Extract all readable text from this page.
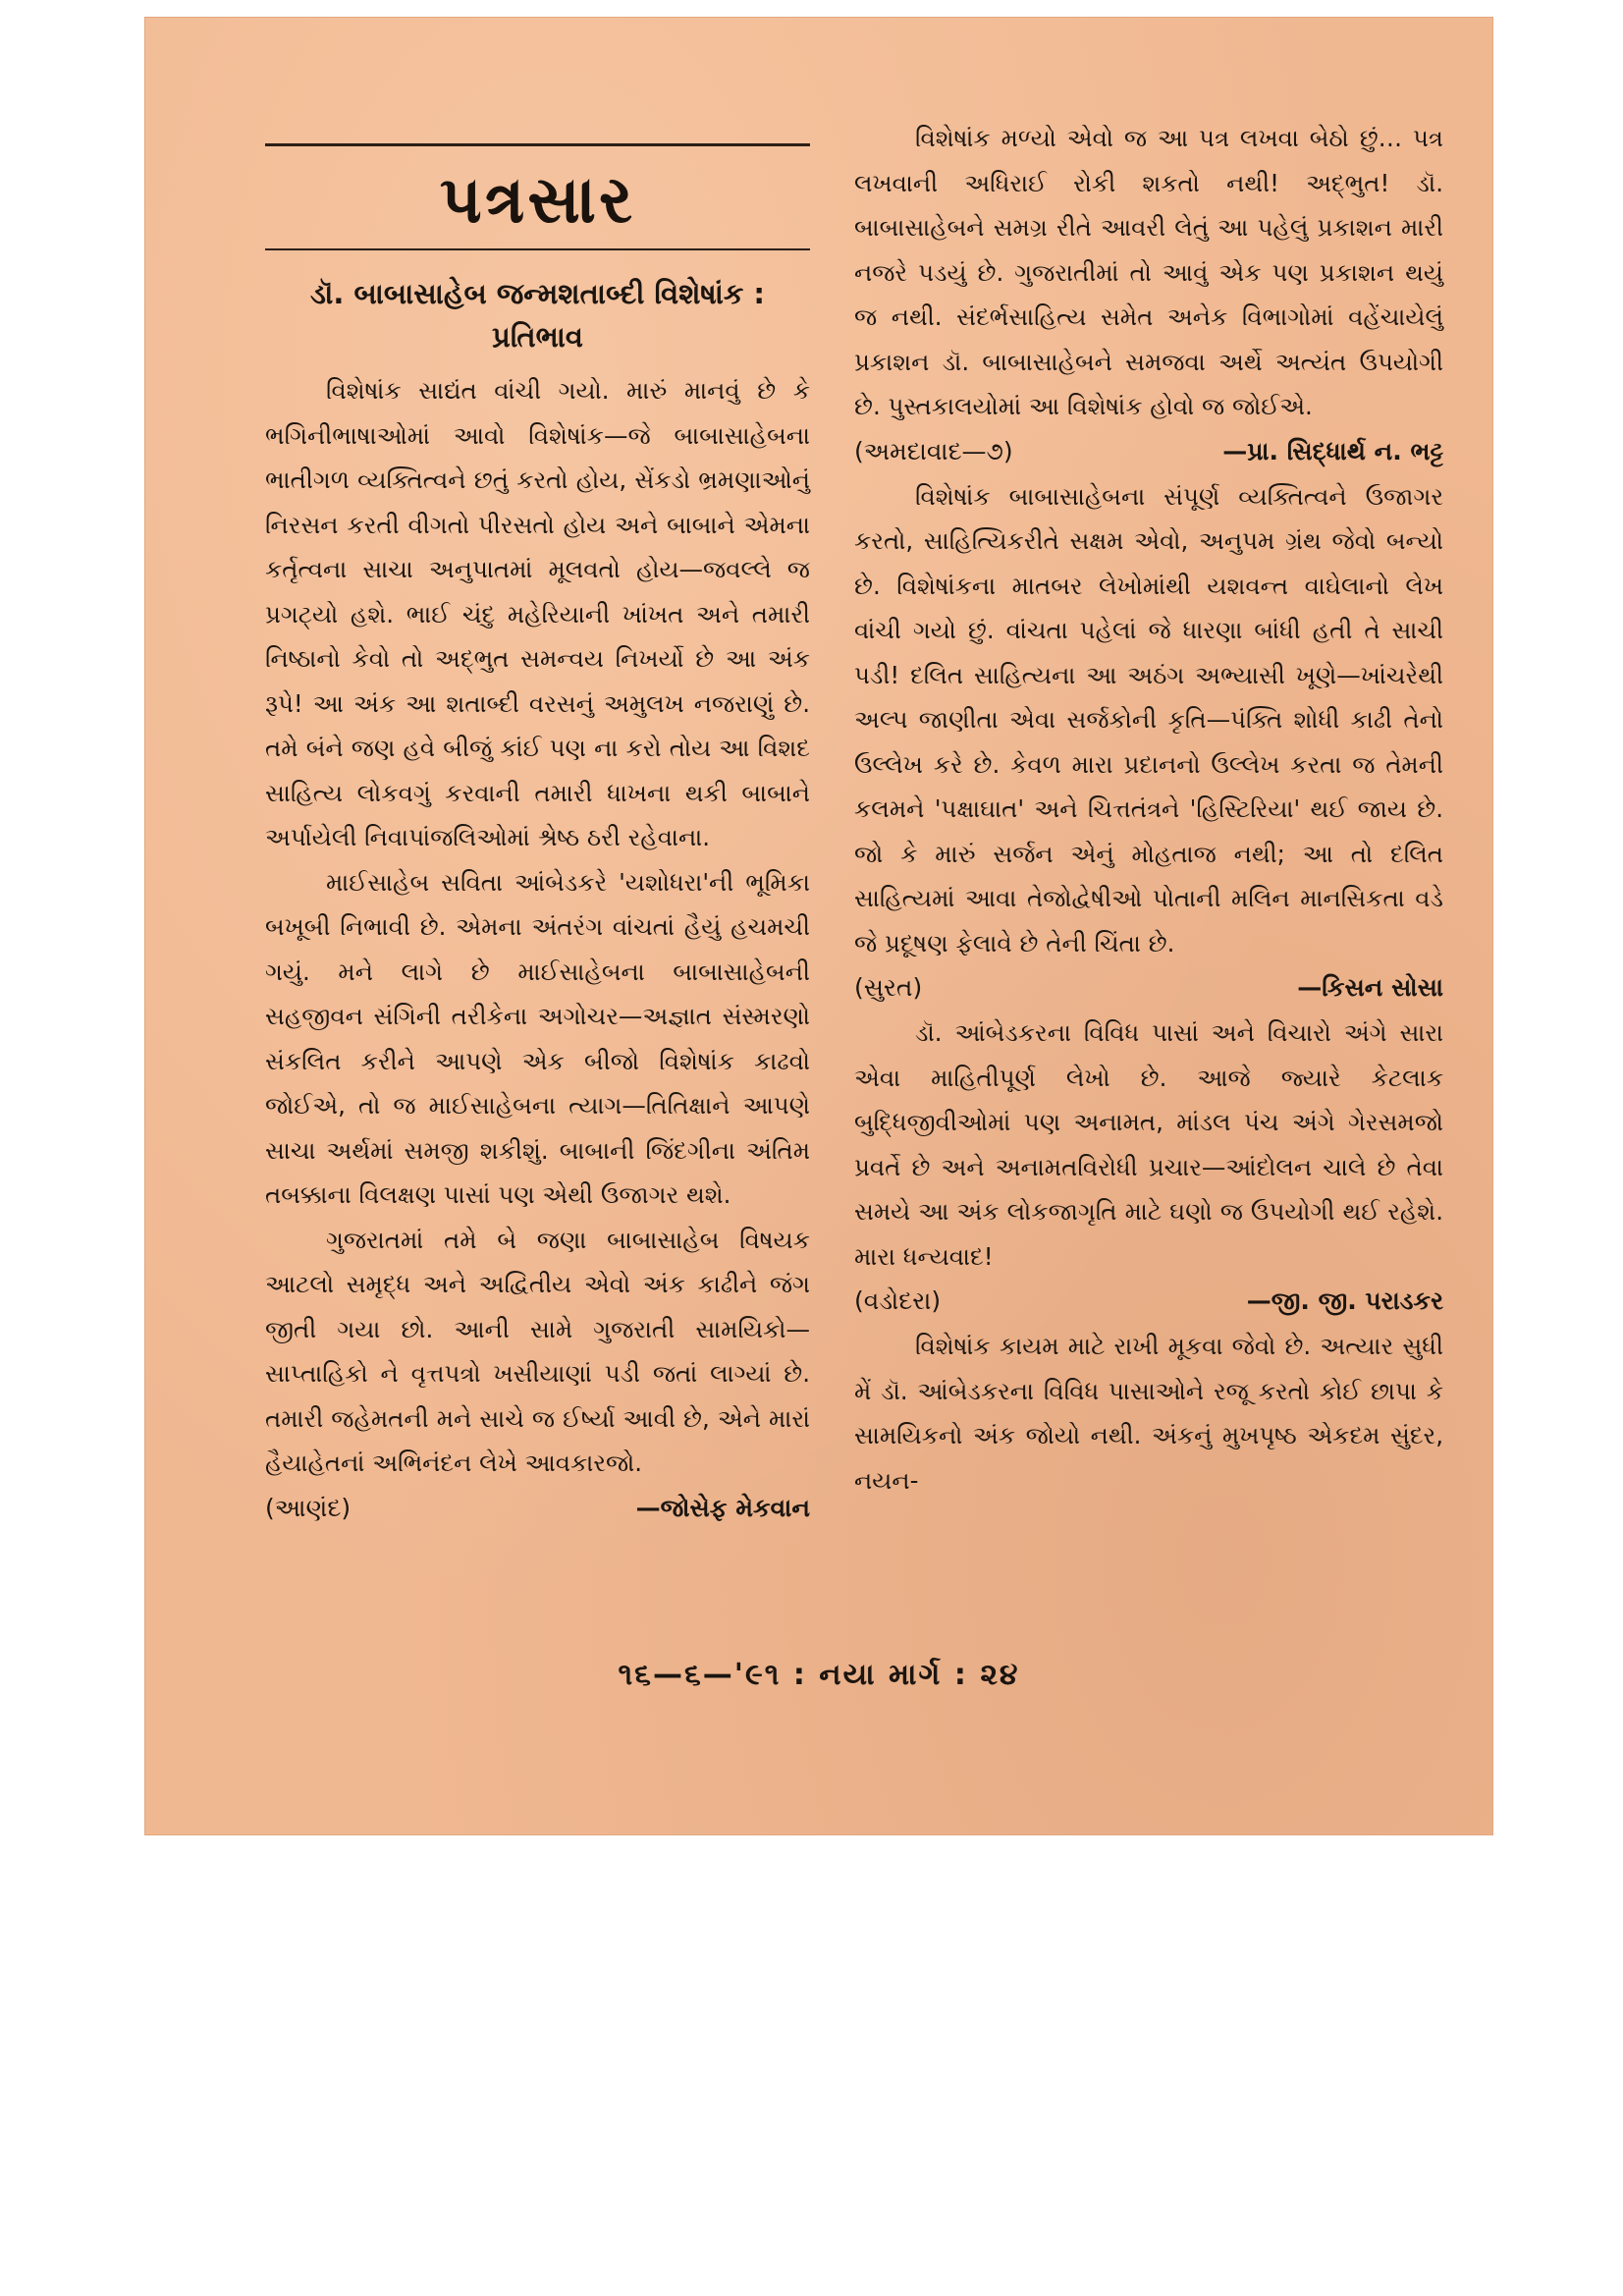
પત્રસાર
ડૉ. બાબાસાહેબ જન્મશતાબ્દી વિશેષાંક :
પ્રતિભાવ

વિશેષાંક સાદ્યંત વાંચી ગયો. મારું માનવું છે કે ભગિનીભાષાઓમાં આવો વિશેષાંક—જે બાબાસાહેબના ભાતીગળ વ્યક્તિત્વને છતું કરતો હોય, સેંકડો ભ્રમણાઓનું નિરસન કરતી વીગતો પીરસતો હોય અને બાબાને એમના કર્તૃત્વના સાચા અનુપાતમાં મૂલવતો હોય—જવલ્લે જ પ્રગટ્યો હશે. ભાઈ ચંદુ મહેરિયાની ખાંખત અને તમારી નિષ્ઠાનો કેવો તો અદ્ભુત સમન્વય નિખર્યો છે આ અંક રૂપે! આ અંક આ શતાબ્દી વરસનું અમુલખ નજરાણું છે. તમે બંને જણ હવે બીજું કાંઈ પણ ના કરો તોય આ વિશદ સાહિત્ય લોકવગું કરવાની તમારી ધાખના થકી બાબાને અર્પાયેલી નિવાપાંજલિઓમાં શ્રેષ્ઠ ઠરી રહેવાના.

માઈસાહેબ સવિતા આંબેડકરે 'યશોધરા'ની ભૂમિકા બખૂબી નિભાવી છે. એમના અંતરંગ વાંચતાં હૈયું હચમચી ગયું. મને લાગે છે માઈસાહેબના બાબાસાહેબની સહજીવન સંગિની તરીકેના અગોચર—અજ્ઞાત સંસ્મરણો સંકલિત કરીને આપણે એક બીજો વિશેષાંક કાઢવો જોઈએ, તો જ માઈસાહેબના ત્યાગ—તિતિક્ષાને આપણે સાચા અર્થમાં સમજી શકીશું. બાબાની જિંદગીના અંતિમ તબક્કાના વિલક્ષણ પાસાં પણ એથી ઉજાગર થશે.

ગુજરાતમાં તમે બે જણા બાબાસાહેબ વિષયક આટલો સમૃદ્ધ અને અદ્વિતીય એવો અંક કાઢીને જંગ જીતી ગયા છો. આની સામે ગુજરાતી સામયિકો—સાપ્તાહિકો ને વૃત્તપત્રો ખસીયાણાં પડી જતાં લાગ્યાં છે. તમારી જહેમતની મને સાચે જ ઈર્ષ્યા આવી છે, એને મારાં હૈયાહેતનાં અભિનંદન લેખે આવકારજો.

(આણંદ)	—જોસેફ મેકવાન

વિશેષાંક મળ્યો એવો જ આ પત્ર લખવા બેઠો છું… પત્ર લખવાની અધિરાઈ રોકી શકતો નથી! અદ્ભુત! ડૉ. બાબાસાહેબને સમગ્ર રીતે આવરી લેતું આ પહેલું પ્રકાશન મારી નજરે પડયું છે. ગુજરાતીમાં તો આવું એક પણ પ્રકાશન થયું જ નથી. સંદર્ભસાહિત્ય સમેત અનેક વિભાગોમાં વહેંચાયેલું પ્રકાશન ડૉ. બાબાસાહેબને સમજવા અર્થે અત્યંત ઉપયોગી છે. પુસ્તકાલયોમાં આ વિશેષાંક હોવો જ જોઈએ.

(અમદાવાદ—૭)	—પ્રા. સિદ્ધાર્થ ન. ભટ્ટ

વિશેષાંક બાબાસાહેબના સંપૂર્ણ વ્યક્તિત્વને ઉજાગર કરતો, સાહિત્યિકરીતે સક્ષમ એવો, અનુપમ ગ્રંથ જેવો બન્યો છે. વિશેષાંકના માતબર લેખોમાંથી યશવન્ત વાઘેલાનો લેખ વાંચી ગયો છું. વાંચતા પહેલાં જે ધારણા બાંધી હતી તે સાચી પડી! દલિત સાહિત્યના આ અઠંગ અભ્યાસી ખૂણે—ખાંચરેથી અલ્પ જાણીતા એવા સર્જકોની કૃતિ—પંક્તિ શોધી કાઢી તેનો ઉલ્લેખ કરે છે. કેવળ મારા પ્રદાનનો ઉલ્લેખ કરતા જ તેમની કલમને 'પક્ષાઘાત' અને ચિત્તતંત્રને 'હિસ્ટિરિયા' થઈ જાય છે. જો કે મારું સર્જન એનું મોહતાજ નથી; આ તો દલિત સાહિત્યમાં આવા તેજોદ્વેષીઓ પોતાની મલિન માનસિકતા વડે જે પ્રદૂષણ ફેલાવે છે તેની ચિંતા છે.

(સુરત)	—કિસન સોસા

ડૉ. આંબેડકરના વિવિધ પાસાં અને વિચારો અંગે સારા એવા માહિતીપૂર્ણ લેખો છે. આજે જ્યારે કેટલાક બુદ્ધિજીવીઓમાં પણ અનામત, માંડલ પંચ અંગે ગેરસમજો પ્રવર્તે છે અને અનામતવિરોધી પ્રચાર—આંદોલન ચાલે છે તેવા સમયે આ અંક લોકજાગૃતિ માટે ઘણો જ ઉપયોગી થઈ રહેશે. મારા ધન્યવાદ!

(વડોદરા)	—જી. જી. પરાડકર

વિશેષાંક કાયમ માટે રાખી મૂકવા જેવો છે. અત્યાર સુધી મેં ડૉ. આંબેડકરના વિવિધ પાસાઓને રજૂ કરતો કોઈ છાપા કે સામયિકનો અંક જોયો નથી. અંકનું મુખપૃષ્ઠ એકદમ સુંદર, નયન-

૧૬—૬—'૯૧ : નયા માર્ગ : ૨૪
